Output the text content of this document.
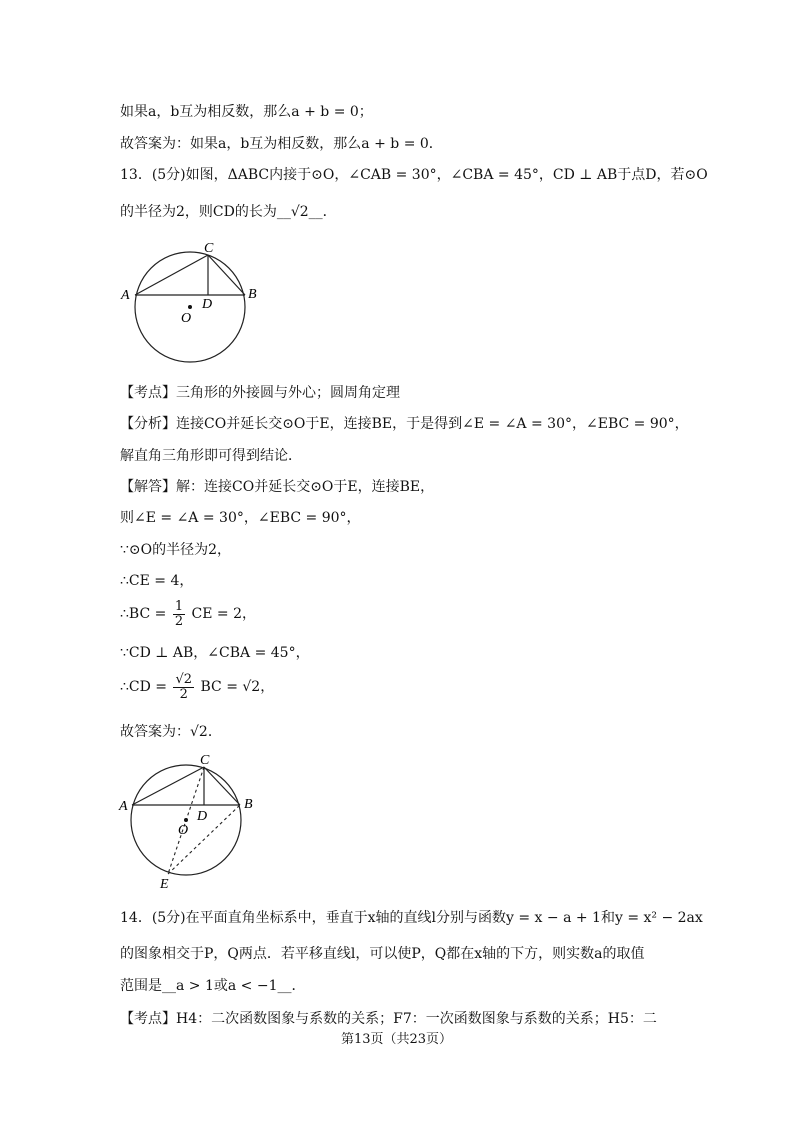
如果a，b互为相反数，那么a + b = 0；
故答案为：如果a，b互为相反数，那么a + b = 0．
13．(5分)如图，ΔABC内接于⊙O，∠CAB = 30°，∠CBA = 45°，CD ⊥ AB于点D，若⊙O
的半径为2，则CD的长为__√2__．
A	B
C
D
O
【考点】三角形的外接圆与外心；圆周角定理
【分析】连接CO并延长交⊙O于E，连接BE，于是得到∠E = ∠A = 30°，∠EBC = 90°，
解直角三角形即可得到结论．
【解答】解：连接CO并延长交⊙O于E，连接BE，
则∠E = ∠A = 30°，∠EBC = 90°，
∵⊙O的半径为2，
∴CE = 4，
∴BC = $\frac{1}{2}$ CE = 2，
∵CD ⊥ AB，∠CBA = 45°，
∴CD = $\frac{√2}{2}$ BC = √2，
故答案为：√2．
A	B
C
D
O
E
14．(5分)在平面直角坐标系中，垂直于x轴的直线l分别与函数y = x − a + 1和y = x² − 2ax
的图象相交于P，Q两点．若平移直线l，可以使P，Q都在x轴的下方，则实数a的取值
范围是__a > 1或a < −1__．
【考点】H4：二次函数图象与系数的关系；F7：一次函数图象与系数的关系；H5：二
第13页（共23页）
